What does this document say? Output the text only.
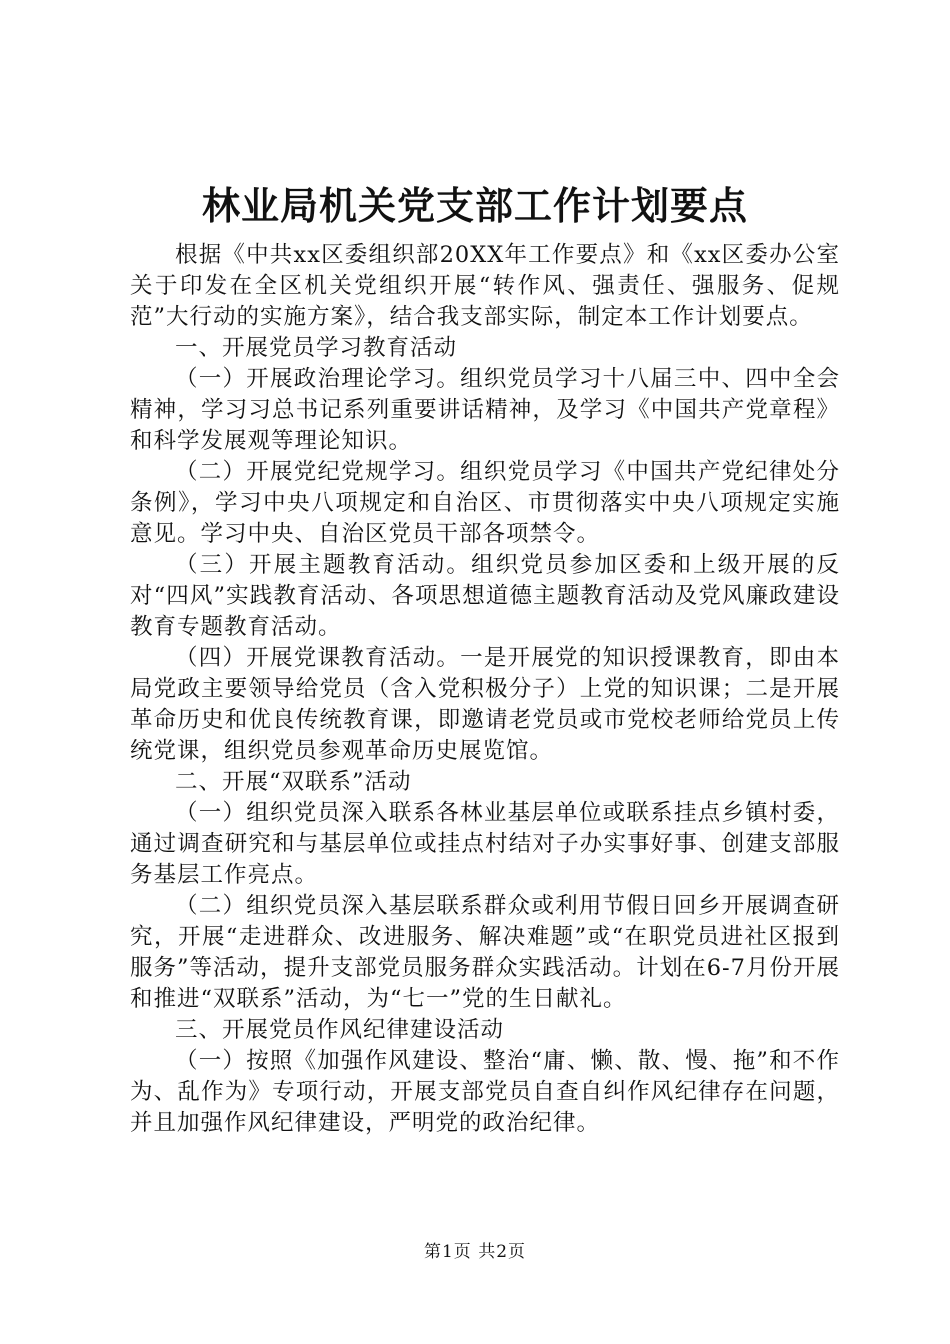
林业局机关党支部工作计划要点

根据《中共xx区委组织部20XX年工作要点》和《xx区委办公室关于印发在全区机关党组织开展“转作风、强责任、强服务、促规范”大行动的实施方案》，结合我支部实际，制定本工作计划要点。

一、开展党员学习教育活动

（一）开展政治理论学习。组织党员学习十八届三中、四中全会精神，学习习总书记系列重要讲话精神，及学习《中国共产党章程》和科学发展观等理论知识。

（二）开展党纪党规学习。组织党员学习《中国共产党纪律处分条例》，学习中央八项规定和自治区、市贯彻落实中央八项规定实施意见。学习中央、自治区党员干部各项禁令。

（三）开展主题教育活动。组织党员参加区委和上级开展的反对“四风”实践教育活动、各项思想道德主题教育活动及党风廉政建设教育专题教育活动。

（四）开展党课教育活动。一是开展党的知识授课教育，即由本局党政主要领导给党员（含入党积极分子）上党的知识课；二是开展革命历史和优良传统教育课，即邀请老党员或市党校老师给党员上传统党课，组织党员参观革命历史展览馆。

二、开展“双联系”活动

（一）组织党员深入联系各林业基层单位或联系挂点乡镇村委，通过调查研究和与基层单位或挂点村结对子办实事好事、创建支部服务基层工作亮点。

（二）组织党员深入基层联系群众或利用节假日回乡开展调查研究，开展“走进群众、改进服务、解决难题”或“在职党员进社区报到服务”等活动，提升支部党员服务群众实践活动。计划在6-7月份开展和推进“双联系”活动，为“七一”党的生日献礼。

三、开展党员作风纪律建设活动

（一）按照《加强作风建设、整治“庸、懒、散、慢、拖”和不作为、乱作为》专项行动，开展支部党员自查自纠作风纪律存在问题，并且加强作风纪律建设，严明党的政治纪律。

第1页 共2页
